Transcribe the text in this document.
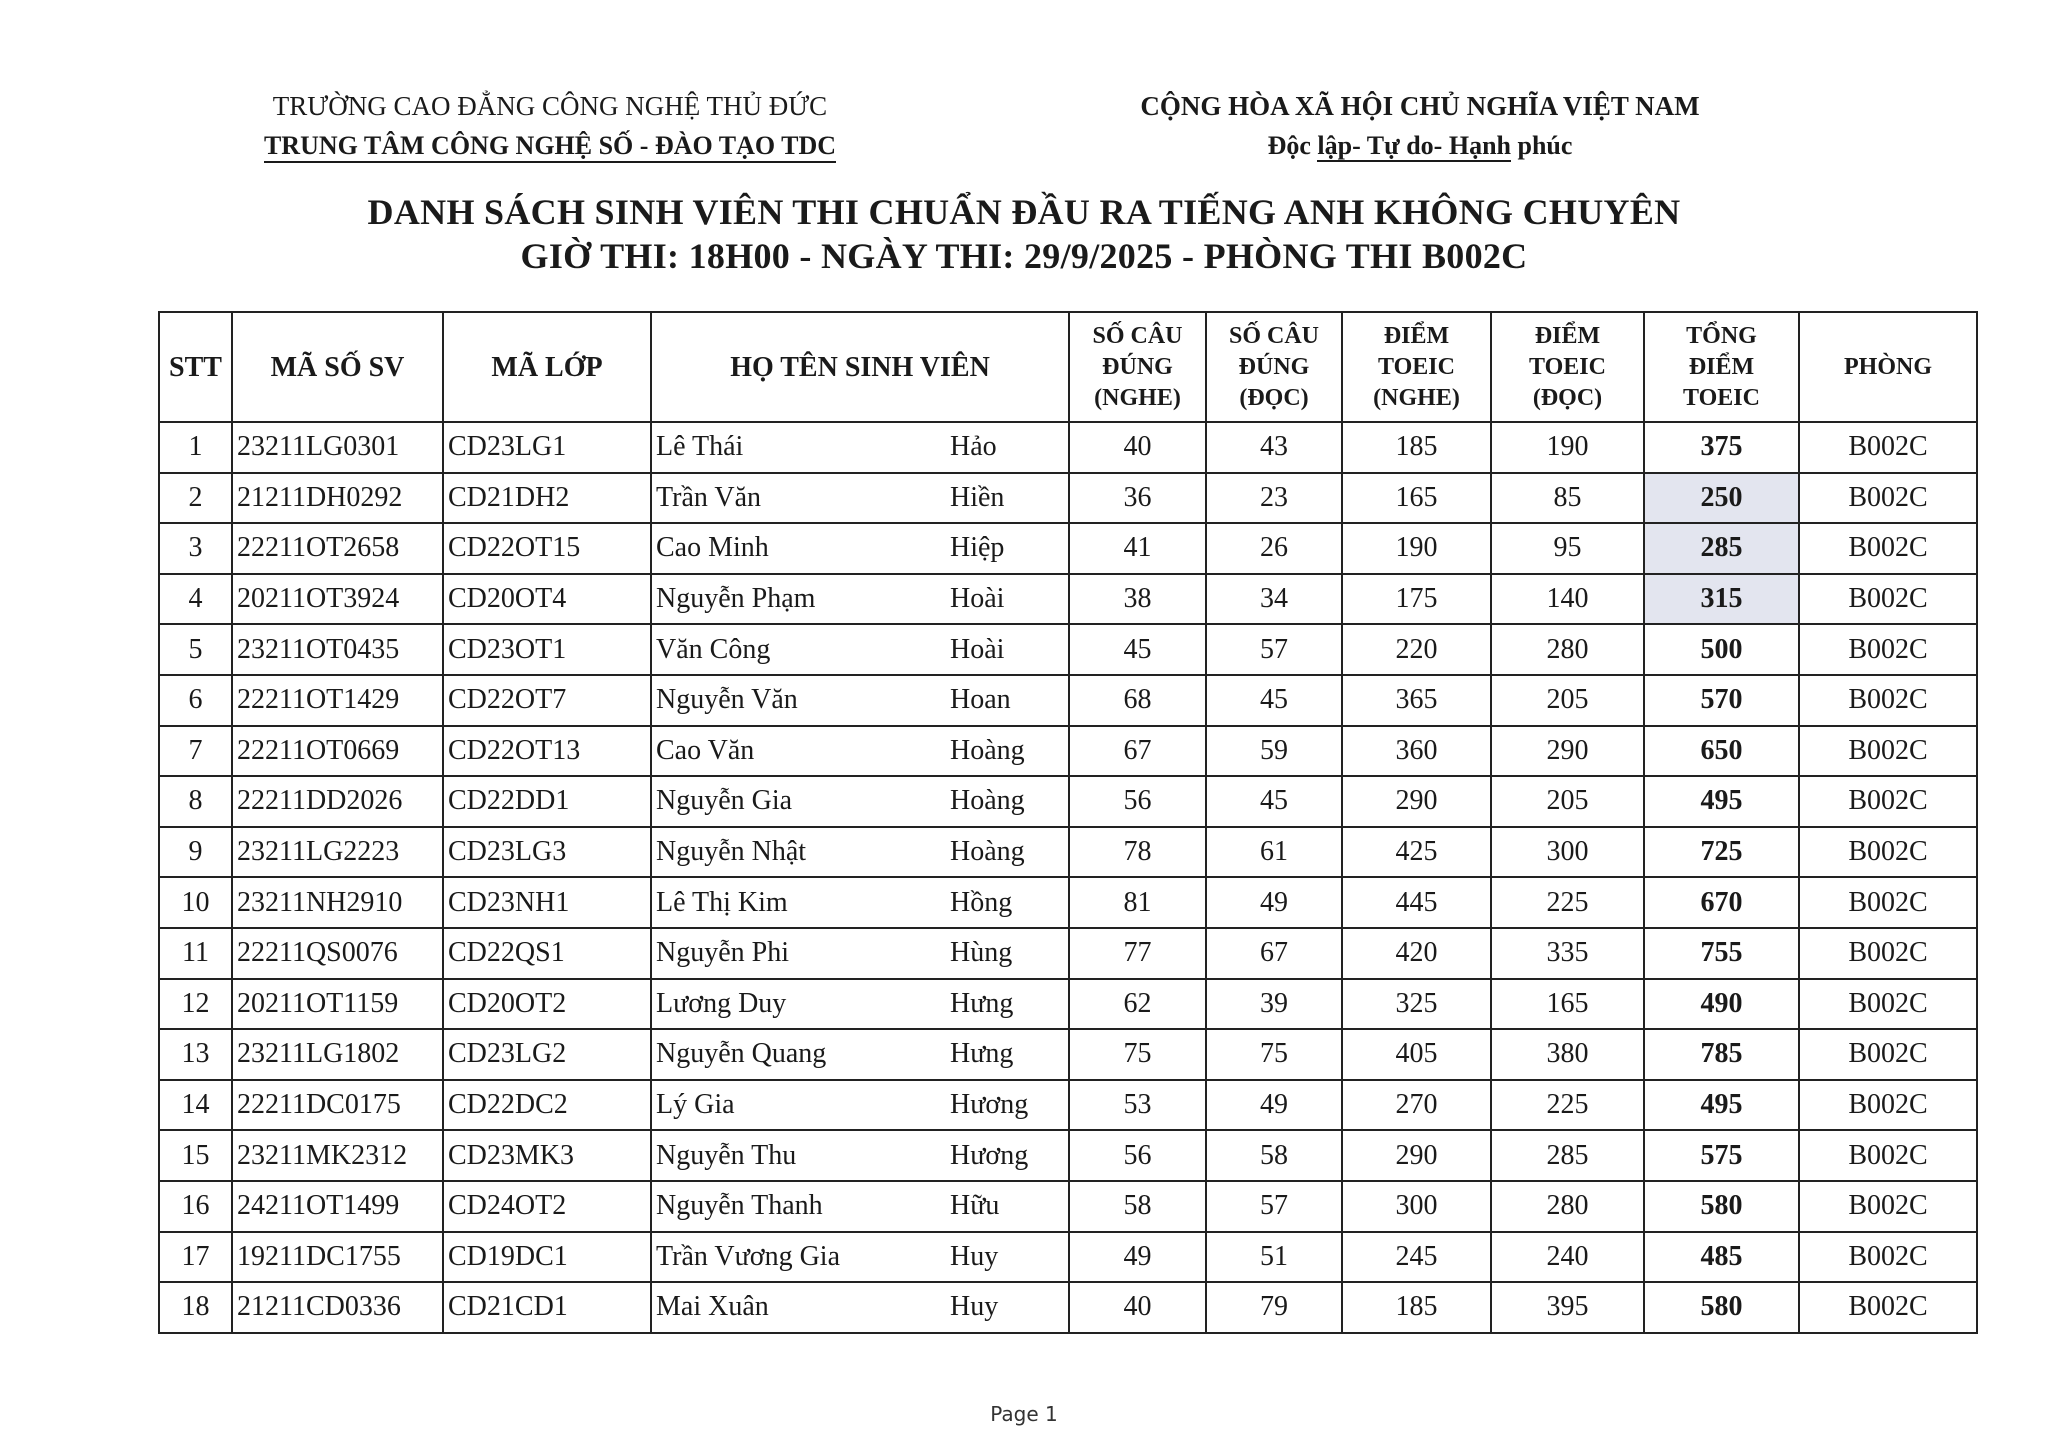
TRƯỜNG CAO ĐẲNG CÔNG NGHỆ THỦ ĐỨC
TRUNG TÂM CÔNG NGHỆ SỐ - ĐÀO TẠO TDC
CỘNG HÒA XÃ HỘI CHỦ NGHĨA VIỆT NAM
Độc lập- Tự do- Hạnh phúc
DANH SÁCH SINH VIÊN THI CHUẨN ĐẦU RA TIẾNG ANH KHÔNG CHUYÊN
GIỜ THI: 18H00 - NGÀY THI: 29/9/2025 - PHÒNG THI B002C
STT	MÃ SỐ SV	MÃ LỚP	HỌ TÊN SINH VIÊN	SỐ CÂU
ĐÚNG
(NGHE)	SỐ CÂU
ĐÚNG
(ĐỌC)	ĐIỂM
TOEIC
(NGHE)	ĐIỂM
TOEIC
(ĐỌC)	TỔNG
ĐIỂM
TOEIC	PHÒNG
1	23211LG0301	CD23LG1	Lê Thái Hảo	40	43	185	190	375	B002C
2	21211DH0292	CD21DH2	Trần Văn Hiền	36	23	165	85	250	B002C
3	22211OT2658	CD22OT15	Cao Minh Hiệp	41	26	190	95	285	B002C
4	20211OT3924	CD20OT4	Nguyễn Phạm Hoài	38	34	175	140	315	B002C
5	23211OT0435	CD23OT1	Văn Công Hoài	45	57	220	280	500	B002C
6	22211OT1429	CD22OT7	Nguyễn Văn Hoan	68	45	365	205	570	B002C
7	22211OT0669	CD22OT13	Cao Văn Hoàng	67	59	360	290	650	B002C
8	22211DD2026	CD22DD1	Nguyễn Gia Hoàng	56	45	290	205	495	B002C
9	23211LG2223	CD23LG3	Nguyễn Nhật Hoàng	78	61	425	300	725	B002C
10	23211NH2910	CD23NH1	Lê Thị Kim Hồng	81	49	445	225	670	B002C
11	22211QS0076	CD22QS1	Nguyễn Phi Hùng	77	67	420	335	755	B002C
12	20211OT1159	CD20OT2	Lương Duy Hưng	62	39	325	165	490	B002C
13	23211LG1802	CD23LG2	Nguyễn Quang Hưng	75	75	405	380	785	B002C
14	22211DC0175	CD22DC2	Lý Gia Hương	53	49	270	225	495	B002C
15	23211MK2312	CD23MK3	Nguyễn Thu Hương	56	58	290	285	575	B002C
16	24211OT1499	CD24OT2	Nguyễn Thanh Hữu	58	57	300	280	580	B002C
17	19211DC1755	CD19DC1	Trần Vương Gia Huy	49	51	245	240	485	B002C
18	21211CD0336	CD21CD1	Mai Xuân Huy	40	79	185	395	580	B002C
Page 1
